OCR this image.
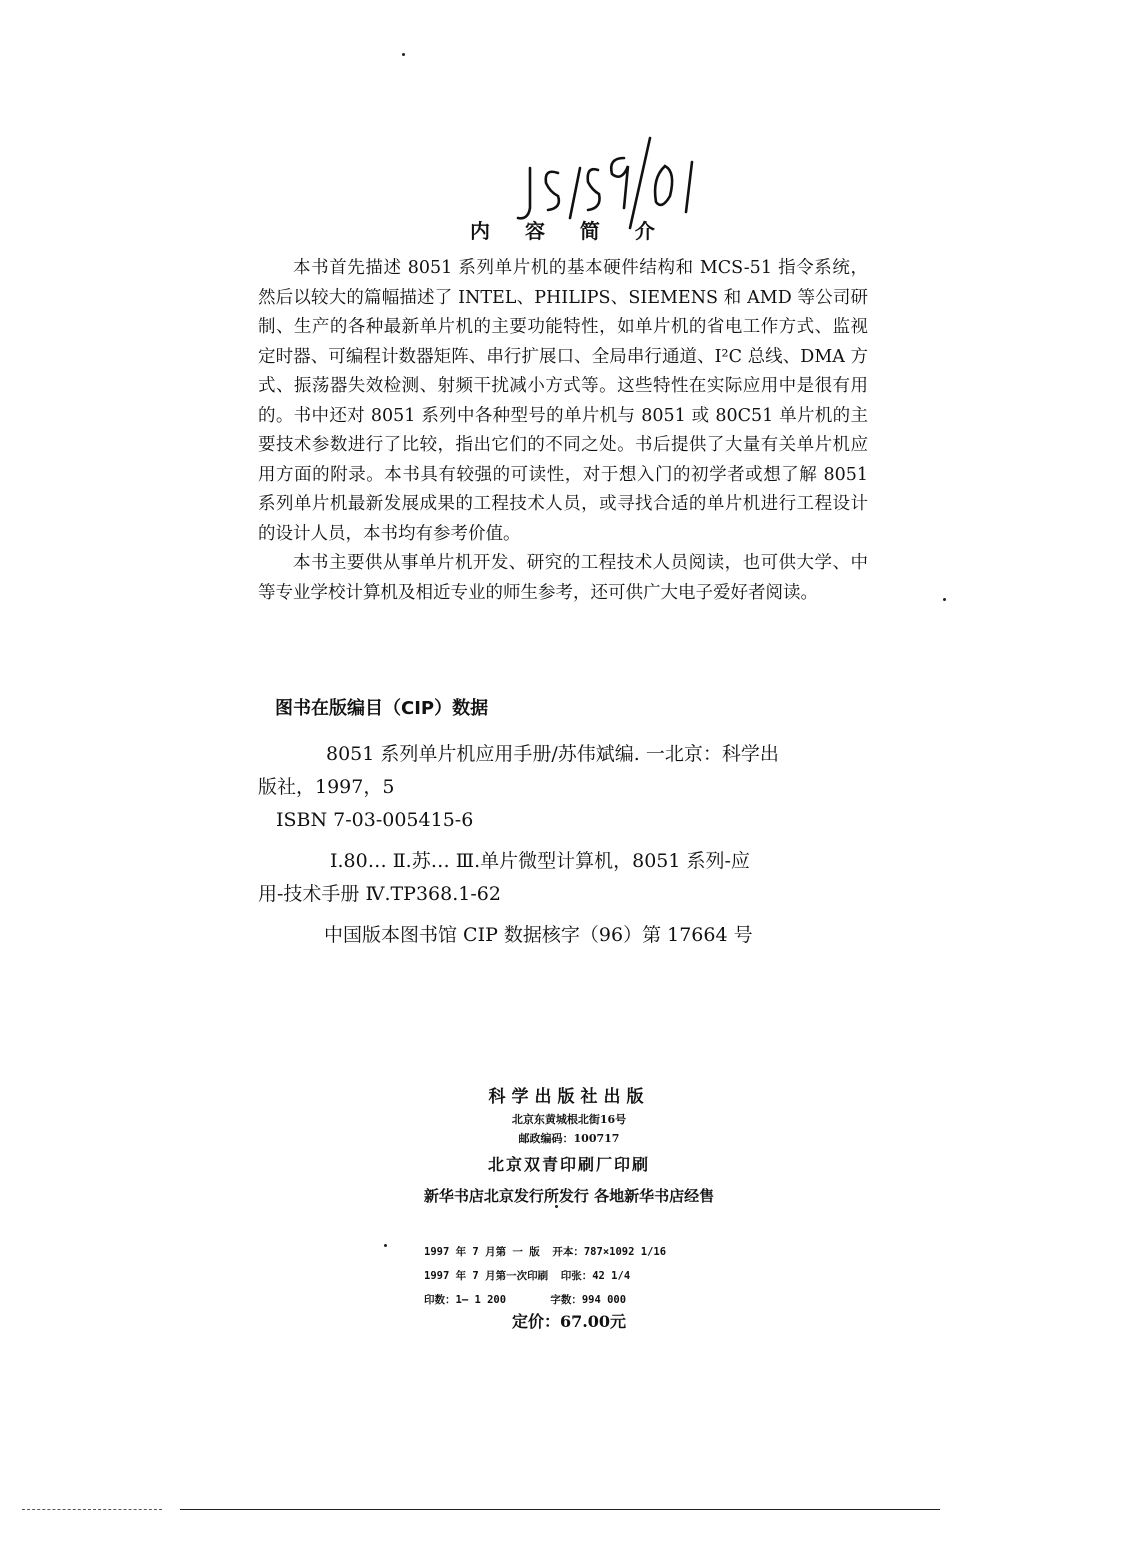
内 容 简 介

本书首先描述 8051 系列单片机的基本硬件结构和 MCS-51 指令系统，然后以较大的篇幅描述了 INTEL、PHILIPS、SIEMENS 和 AMD 等公司研制、生产的各种最新单片机的主要功能特性，如单片机的省电工作方式、监视定时器、可编程计数器矩阵、串行扩展口、全局串行通道、I²C 总线、DMA 方式、振荡器失效检测、射频干扰减小方式等。这些特性在实际应用中是很有用的。书中还对 8051 系列中各种型号的单片机与 8051 或 80C51 单片机的主要技术参数进行了比较，指出它们的不同之处。书后提供了大量有关单片机应用方面的附录。本书具有较强的可读性，对于想入门的初学者或想了解 8051 系列单片机最新发展成果的工程技术人员，或寻找合适的单片机进行工程设计的设计人员，本书均有参考价值。

本书主要供从事单片机开发、研究的工程技术人员阅读，也可供大学、中等专业学校计算机及相近专业的师生参考，还可供广大电子爱好者阅读。

图书在版编目（CIP）数据
8051 系列单片机应用手册/苏伟斌编. 一北京：科学出
版社，1997，5
ISBN 7-03-005415-6
Ⅰ.80… Ⅱ.苏… Ⅲ.单片微型计算机，8051 系列-应
用-技术手册 Ⅳ.TP368.1-62
中国版本图书馆 CIP 数据核字（96）第 17664 号
科学出版社出版
北京东黄城根北街16号
邮政编码：100717
北京双青印刷厂印刷
新华书店北京发行所发行 各地新华书店经售
1997 年 7 月第 一 版  开本：787×1092 1/16
1997 年 7 月第一次印刷  印张：42 1/4
印数：1— 1 200       字数：994 000
定价：67.00元
